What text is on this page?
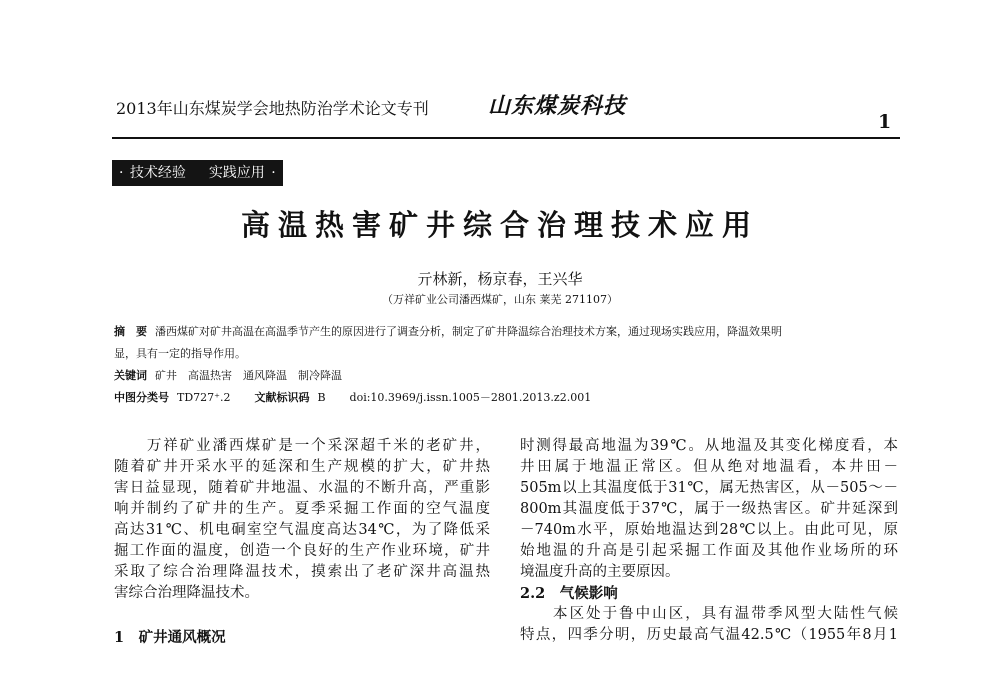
2013年山东煤炭学会地热防治学术论文专刊	山东煤炭科技
1
· 技术经验 实践应用 ·
高温热害矿井综合治理技术应用
亓林新，杨京春，王兴华
（万祥矿业公司潘西煤矿，山东 莱芜 271107）
摘　要 潘西煤矿对矿井高温在高温季节产生的原因进行了调查分析，制定了矿井降温综合治理技术方案，通过现场实践应用，降温效果明
显，具有一定的指导作用。
关键词 矿井　高温热害　通风降温　制冷降温
中图分类号 TD727⁺.2 文献标识码 B doi:10.3969/j.issn.1005－2801.2013.z2.001
　　万祥矿业潘西煤矿是一个采深超千米的老矿井，
随着矿井开采水平的延深和生产规模的扩大，矿井热
害日益显现，随着矿井地温、水温的不断升高，严重影
响并制约了矿井的生产。夏季采掘工作面的空气温度
高达31℃、机电硐室空气温度高达34℃，为了降低采
掘工作面的温度，创造一个良好的生产作业环境，矿井
采取了综合治理降温技术，摸索出了老矿深井高温热
害综合治理降温技术。
1　矿井通风概况
时测得最高地温为39℃。从地温及其变化梯度看，本
井田属于地温正常区。但从绝对地温看，本井田－
505m以上其温度低于31℃，属无热害区，从－505～－
800m其温度低于37℃，属于一级热害区。矿井延深到
－740m水平，原始地温达到28℃以上。由此可见，原
始地温的升高是引起采掘工作面及其他作业场所的环
境温度升高的主要原因。
2.2　气候影响
　　本区处于鲁中山区，具有温带季风型大陆性气候
特点，四季分明，历史最高气温42.5℃（1955年8月1
